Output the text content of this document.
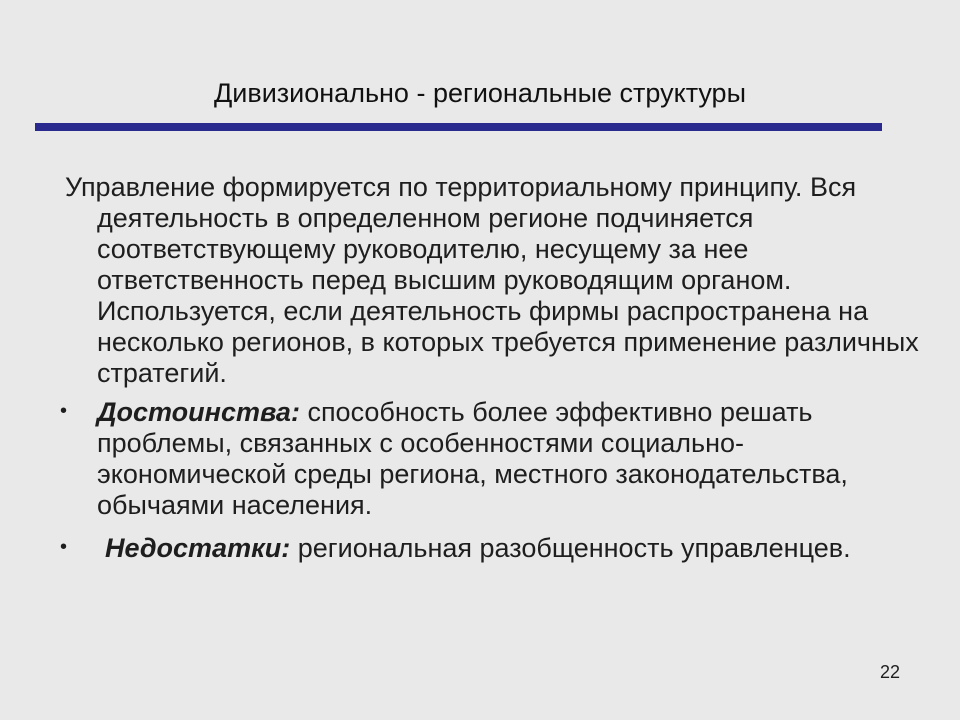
Дивизионально - региональные структуры

Управление формируется по территориальному принципу. Вся деятельность в определенном регионе подчиняется соответствующему руководителю, несущему за нее ответственность перед высшим руководящим органом. Используется, если деятельность фирмы распространена на несколько регионов, в которых требуется применение различных стратегий.

• Достоинства: способность более эффективно решать проблемы, связанных с особенностями социально-экономической среды региона, местного законодательства, обычаями населения.

• Недостатки: региональная разобщенность управленцев.

22
